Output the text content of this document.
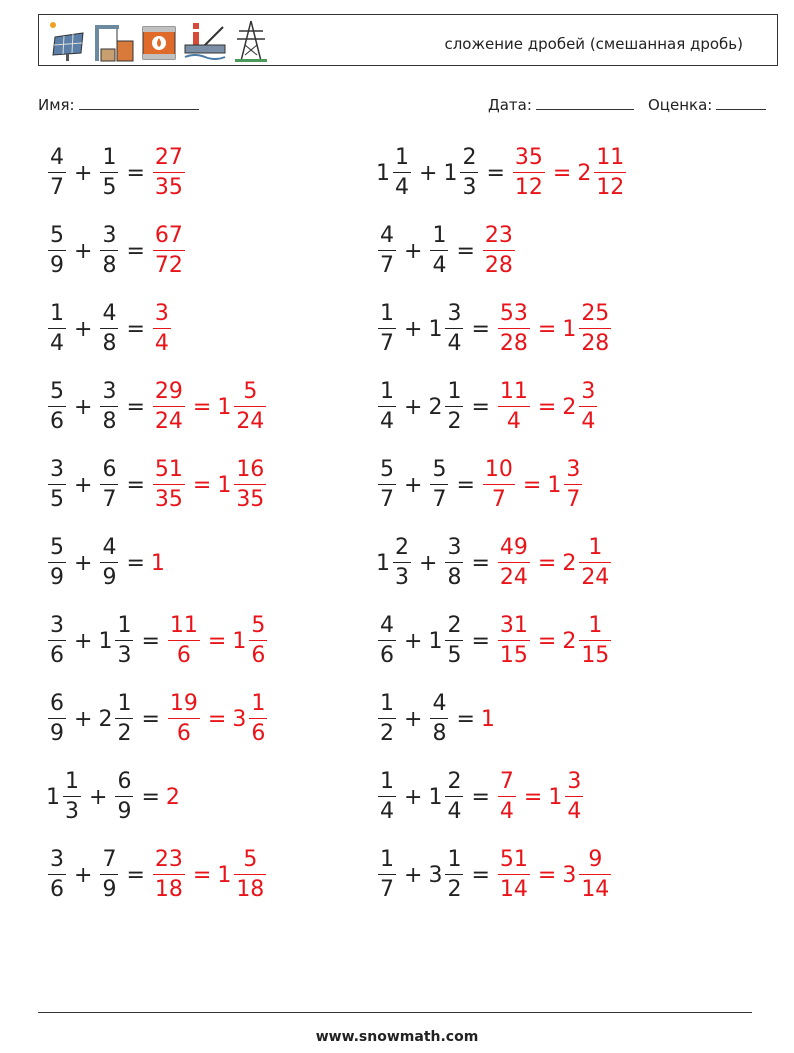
сложение дробей (смешанная дробь)
Имя:	Дата:	Оценка:
$\frac{4}{7} + \frac{1}{5} = \frac{27}{35}$	$1 \frac{1}{4} + 1 \frac{2}{3} = \frac{35}{12} = 2 \frac{11}{12}$
$\frac{5}{9} + \frac{3}{8} = \frac{67}{72}$	$\frac{4}{7} + \frac{1}{4} = \frac{23}{28}$
$\frac{1}{4} + \frac{4}{8} = \frac{3}{4}$	$\frac{1}{7} + 1 \frac{3}{4} = \frac{53}{28} = 1 \frac{25}{28}$
$\frac{5}{6} + \frac{3}{8} = \frac{29}{24} = 1 \frac{5}{24}$	$\frac{1}{4} + 2 \frac{1}{2} = \frac{11}{4} = 2 \frac{3}{4}$
$\frac{3}{5} + \frac{6}{7} = \frac{51}{35} = 1 \frac{16}{35}$	$\frac{5}{7} + \frac{5}{7} = \frac{10}{7} = 1 \frac{3}{7}$
$\frac{5}{9} + \frac{4}{9} = 1$	$1 \frac{2}{3} + \frac{3}{8} = \frac{49}{24} = 2 \frac{1}{24}$
$\frac{3}{6} + 1 \frac{1}{3} = \frac{11}{6} = 1 \frac{5}{6}$	$\frac{4}{6} + 1 \frac{2}{5} = \frac{31}{15} = 2 \frac{1}{15}$
$\frac{6}{9} + 2 \frac{1}{2} = \frac{19}{6} = 3 \frac{1}{6}$	$\frac{1}{2} + \frac{4}{8} = 1$
$1 \frac{1}{3} + \frac{6}{9} = 2$	$\frac{1}{4} + 1 \frac{2}{4} = \frac{7}{4} = 1 \frac{3}{4}$
$\frac{3}{6} + \frac{7}{9} = \frac{23}{18} = 1 \frac{5}{18}$	$\frac{1}{7} + 3 \frac{1}{2} = \frac{51}{14} = 3 \frac{9}{14}$
www.snowmath.com
